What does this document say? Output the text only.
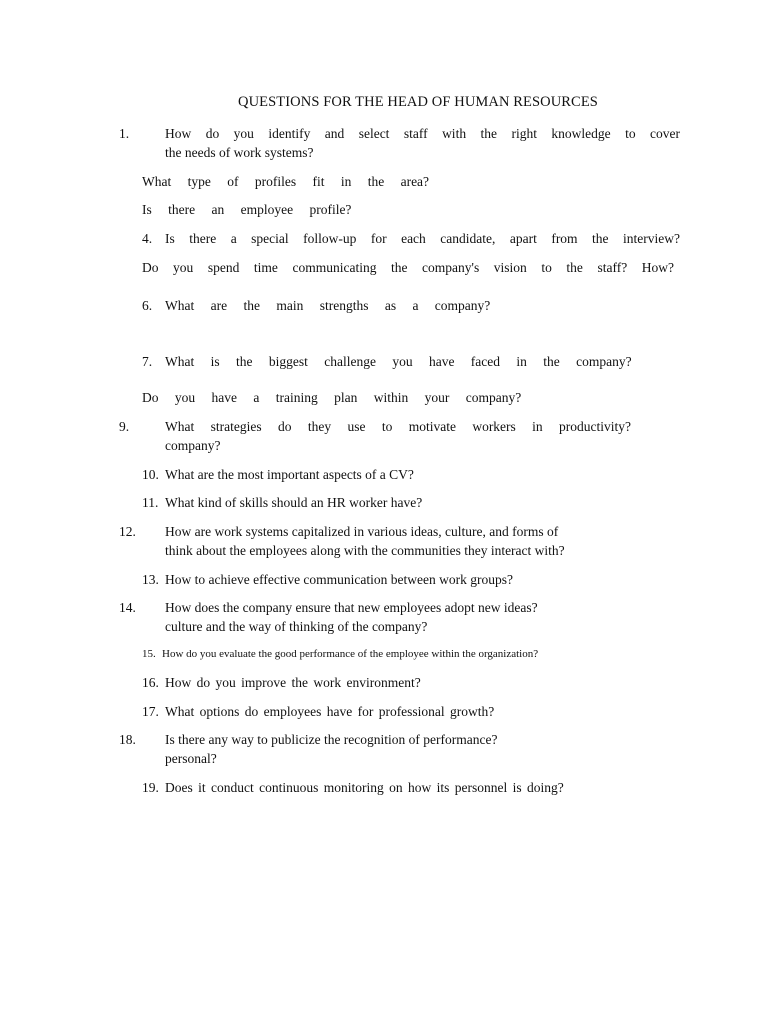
QUESTIONS FOR THE HEAD OF HUMAN RESOURCES
1.	How do you identify and select staff with the right knowledge to cover
the needs of work systems?
What type of profiles fit in the area?
Is there an employee profile?
4. Is there a special follow-up for each candidate, apart from the interview?
Do you spend time communicating the company's vision to the staff? How?
6. What are the main strengths as a company?
7. What is the biggest challenge you have faced in the company?
Do you have a training plan within your company?
9.	What strategies do they use to motivate workers in productivity?
company?
10. What are the most important aspects of a CV?
11. What kind of skills should an HR worker have?
12. How are work systems capitalized in various ideas, culture, and forms of
think about the employees along with the communities they interact with?
13. How to achieve effective communication between work groups?
14. How does the company ensure that new employees adopt new ideas?
culture and the way of thinking of the company?
15. How do you evaluate the good performance of the employee within the organization?
16. How do you improve the work environment?
17. What options do employees have for professional growth?
18. Is there any way to publicize the recognition of performance?
personal?
19. Does it conduct continuous monitoring on how its personnel is doing?
